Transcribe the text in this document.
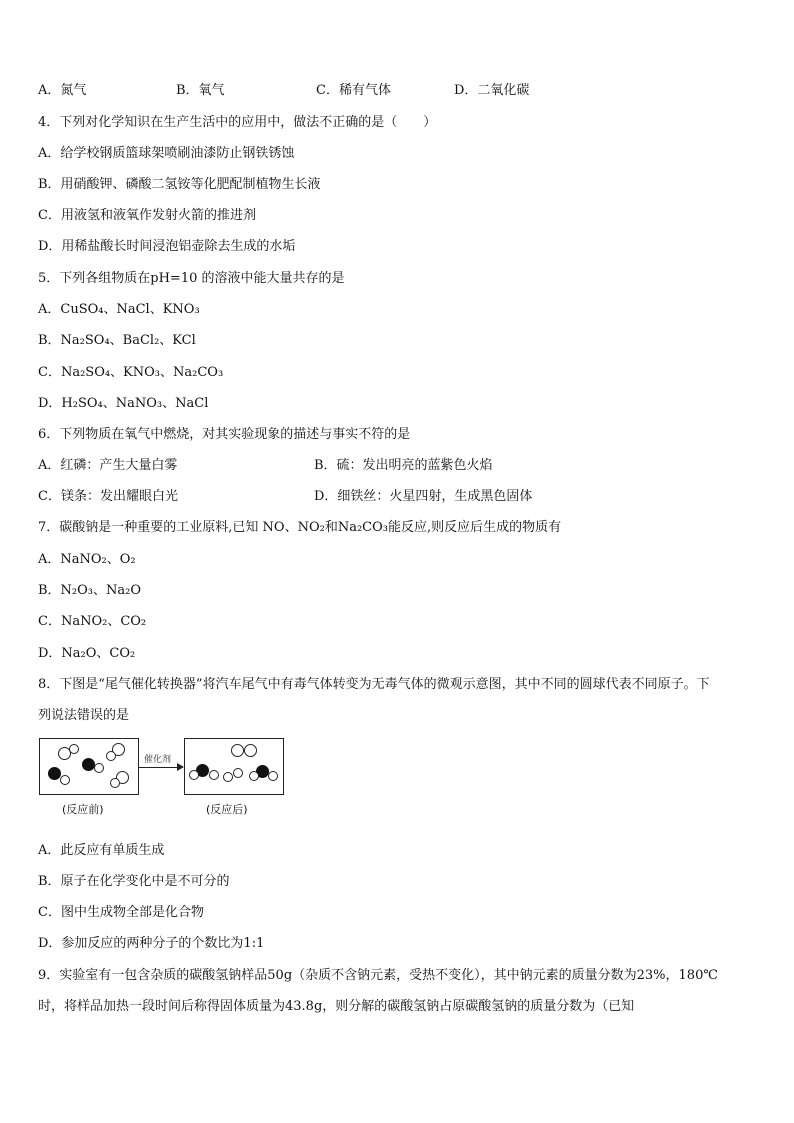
A．氮气	B．氧气	C．稀有气体	D．二氧化碳
4．下列对化学知识在生产生活中的应用中，做法不正确的是（　　）
A．给学校钢质篮球架喷刷油漆防止钢铁锈蚀
B．用硝酸钾、磷酸二氢铵等化肥配制植物生长液
C．用液氢和液氧作发射火箭的推进剂
D．用稀盐酸长时间浸泡铝壶除去生成的水垢
5．下列各组物质在pH=10 的溶液中能大量共存的是
A．CuSO₄、NaCl、KNO₃
B．Na₂SO₄、BaCl₂、KCl
C．Na₂SO₄、KNO₃、Na₂CO₃
D．H₂SO₄、NaNO₃、NaCl
6．下列物质在氧气中燃烧，对其实验现象的描述与事实不符的是
A．红磷：产生大量白雾	B．硫：发出明亮的蓝紫色火焰
C．镁条：发出耀眼白光	D．细铁丝：火星四射，生成黑色固体
7．碳酸钠是一种重要的工业原料,已知 NO、NO₂和Na₂CO₃能反应,则反应后生成的物质有
A．NaNO₂、O₂
B．N₂O₃、Na₂O
C．NaNO₂、CO₂
D．Na₂O、CO₂
8．下图是“尾气催化转换器”将汽车尾气中有毒气体转变为无毒气体的微观示意图，其中不同的圆球代表不同原子。下
列说法错误的是
催化剂
(反应前)	(反应后)
A．此反应有单质生成
B．原子在化学变化中是不可分的
C．图中生成物全部是化合物
D．参加反应的两种分子的个数比为1:1
9．实验室有一包含杂质的碳酸氢钠样品50g（杂质不含钠元素，受热不变化），其中钠元素的质量分数为23%，180℃
时，将样品加热一段时间后称得固体质量为43.8g，则分解的碳酸氢钠占原碳酸氢钠的质量分数为（已知
